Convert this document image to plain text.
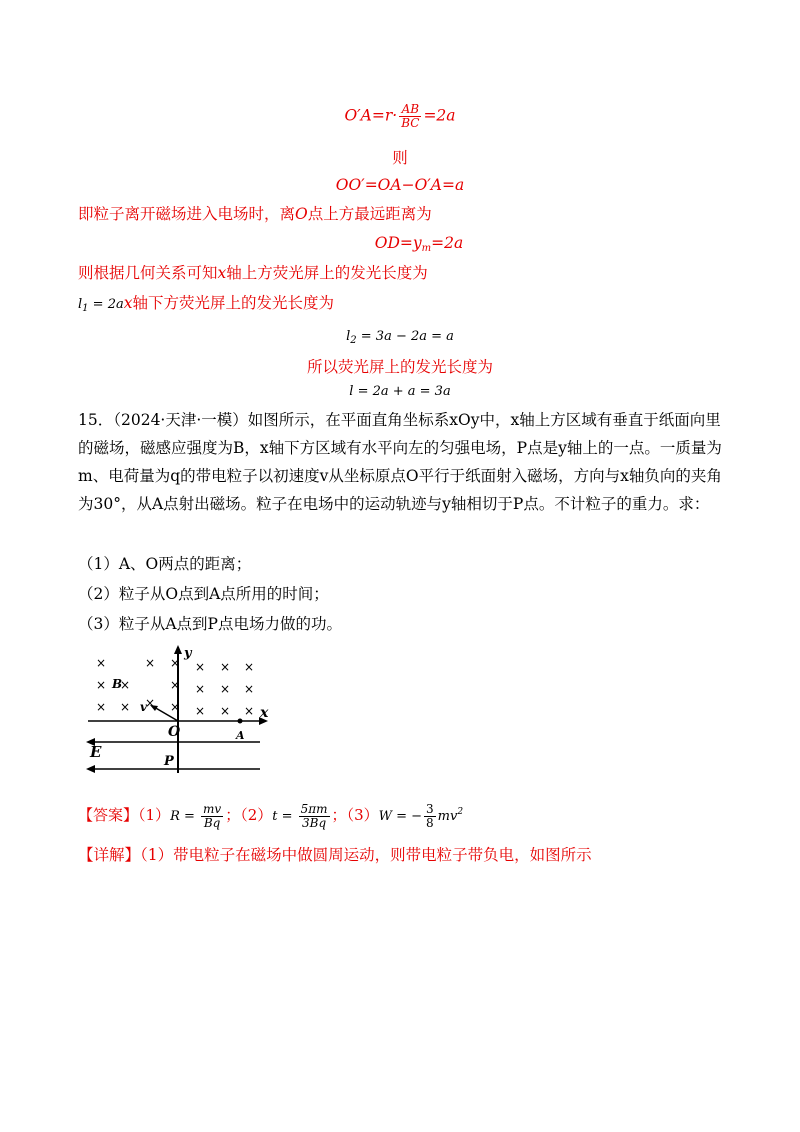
$O'A=r\cdot \frac{AB}{BC} =2a$
则
OO′=OA−O′A=a
即粒子离开磁场进入电场时，离O点上方最远距离为
$OD=y_m=2a$
则根据几何关系可知x轴上方荧光屏上的发光长度为
$l_1 = 2ax$轴下方荧光屏上的发光长度为
$l_2 = 3a - 2a = a$
所以荧光屏上的发光长度为
l = 2a + a = 3a
15．（2024·天津·一模）如图所示，在平面直角坐标系xOy中，x轴上方区域有垂直于纸面向里的磁场，磁感应强度为B，x轴下方区域有水平向左的匀强电场，P点是y轴上的一点。一质量为m、电荷量为q的带电粒子以初速度v从坐标原点O平行于纸面射入磁场，方向与x轴负向的夹角为30°，从A点射出磁场。粒子在电场中的运动轨迹与y轴相切于P点。不计粒子的重力。求：
（1）A、O两点的距离；
（2）粒子从O点到A点所用的时间；
（3）粒子从A点到P点电场力做的功。
×	× × × × ×
× ×	× × × ×
× × × × × × ×
y
x
O	A
B
v
E
P
【答案】$(1)R = \frac{mv}{Bq}$ ；$(2)t = \frac{5\pi m}{3Bq}$ ；（3）W = − $\frac{3}{8} mv^2$
【详解】（1）带电粒子在磁场中做圆周运动，则带电粒子带负电，如图所示
